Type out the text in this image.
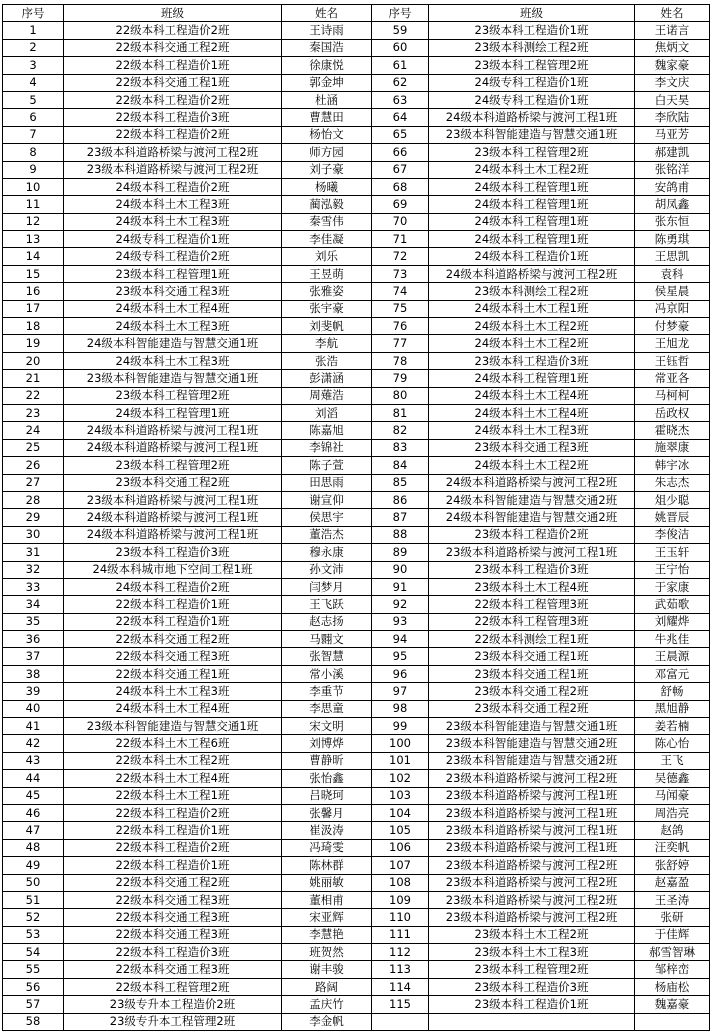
序号	班级	姓名	序号	班级	姓名
1	22级本科工程造价2班	王诗雨	59	23级本科工程造价1班	王诺言
2	22级本科交通工程2班	秦国浩	60	23级本科测绘工程2班	焦炳文
3	22级本科工程造价1班	徐康悦	61	23级本科工程管理2班	魏家豪
4	22级本科交通工程1班	郭金坤	62	24级专科工程造价1班	李文庆
5	22级本科工程造价2班	杜涵	63	24级专科工程造价1班	白天昊
6	22级本科工程造价3班	曹慧田	64	24级本科道路桥梁与渡河工程1班	李欣陆
7	22级本科工程造价2班	杨怡文	65	23级本科智能建造与智慧交通1班	马亚芳
8	23级本科道路桥梁与渡河工程2班	师方园	66	23级本科工程管理2班	郝建凯
9	23级本科道路桥梁与渡河工程2班	刘子豪	67	24级本科土木工程2班	张铭洋
10	24级本科工程造价2班	杨曦	68	24级本科工程管理1班	安鸽甫
11	24级本科土木工程3班	蔺泓毅	69	24级本科工程管理1班	胡凤鑫
12	24级本科土木工程3班	秦雪伟	70	24级本科工程管理1班	张东恒
13	24级专科工程造价1班	李佳凝	71	24级本科工程管理1班	陈勇琪
14	24级专科工程造价2班	刘乐	72	24级本科工程造价1班	王思凯
15	23级本科工程管理1班	王昱萌	73	24级本科道路桥梁与渡河工程2班	袁科
16	23级本科交通工程3班	张雅姿	74	23级本科测绘工程2班	侯星晨
17	24级本科土木工程4班	张宇豪	75	24级本科土木工程1班	冯京阳
18	24级本科土木工程3班	刘斐帆	76	24级本科土木工程2班	付梦豪
19	24级本科智能建造与智慧交通1班	李航	77	24级本科土木工程2班	王旭龙
20	24级本科土木工程3班	张浩	78	23级本科工程造价3班	王钰哲
21	23级本科智能建造与智慧交通1班	彭潇涵	79	24级本科工程管理1班	常亚各
22	23级本科工程管理2班	周薙浩	80	24级本科土木工程4班	马柯柯
23	24级本科工程管理1班	刘滔	81	24级本科土木工程4班	岳政权
24	24级本科道路桥梁与渡河工程1班	陈嘉旭	82	24级本科土木工程3班	霍晓杰
25	24级本科道路桥梁与渡河工程1班	李锦社	83	23级本科交通工程3班	施翠康
26	23级本科工程管理2班	陈子萱	84	24级本科土木工程2班	韩宇冰
27	23级本科交通工程2班	田思雨	85	24级本科道路桥梁与渡河工程2班	朱志杰
28	23级本科道路桥梁与渡河工程1班	谢宣仰	86	24级本科智能建造与智慧交通2班	俎少聪
29	24级本科道路桥梁与渡河工程1班	侯思宇	87	24级本科智能建造与智慧交通2班	姚晋辰
30	24级本科道路桥梁与渡河工程1班	董浩杰	88	23级本科工程造价2班	李俊洁
31	23级本科工程造价3班	穆永康	89	23级本科道路桥梁与渡河工程1班	王玉轩
32	24级本科城市地下空间工程1班	孙文沛	90	23级本科工程造价3班	王宁怡
33	24级本科工程造价2班	闫梦月	91	23级本科土木工程4班	于家康
34	22级本科工程造价1班	王飞跃	92	22级本科工程管理3班	武茹歌
35	22级本科工程造价1班	赵志扬	93	22级本科工程管理3班	刘耀烨
36	22级本科交通工程2班	马翾文	94	22级本科测绘工程1班	牛兆佳
37	22级本科交通工程3班	张智慧	95	23级本科交通工程1班	王晨源
38	22级本科交通工程1班	常小溪	96	23级本科交通工程1班	邓富元
39	24级本科土木工程3班	李重节	97	23级本科交通工程2班	舒畅
40	24级本科土木工程4班	李思童	98	23级本科交通工程2班	黑旭静
41	23级本科智能建造与智慧交通1班	宋文明	99	23级本科智能建造与智慧交通1班	姜若楠
42	22级本科土木工程6班	刘博烨	100	23级本科智能建造与智慧交通2班	陈心怡
43	22级本科土木工程2班	曹静昕	101	23级本科智能建造与智慧交通2班	王飞
44	22级本科土木工程4班	张怡鑫	102	23级本科道路桥梁与渡河工程2班	吴德鑫
45	22级本科土木工程1班	吕晓珂	103	23级本科道路桥梁与渡河工程1班	马闻豪
46	22级本科工程造价2班	张馨月	104	23级本科道路桥梁与渡河工程1班	周浩亮
47	22级本科工程造价1班	崔汲涛	105	23级本科道路桥梁与渡河工程1班	赵鸽
48	22级本科工程造价2班	冯琦雯	106	23级本科道路桥梁与渡河工程1班	汪奕帆
49	22级本科工程造价1班	陈林群	107	23级本科道路桥梁与渡河工程2班	张舒婷
50	22级本科交通工程2班	姚丽敏	108	23级本科道路桥梁与渡河工程2班	赵嘉盈
51	22级本科交通工程3班	董相甫	109	23级本科道路桥梁与渡河工程2班	王圣涛
52	22级本科交通工程3班	宋亚辉	110	23级本科道路桥梁与渡河工程2班	张研
53	22级本科交通工程3班	李慧艳	111	23级本科土木工程2班	于佳辉
54	22级本科工程造价3班	班贺然	112	23级本科土木工程3班	郝雪智琳
55	22级本科交通工程3班	谢丰骏	113	23级本科工程管理2班	邹梓峦
56	22级本科工程管理2班	路阔	114	23级本科工程造价3班	杨庙松
57	23级专升本工程造价2班	孟庆竹	115	23级本科工程造价1班	魏嘉豪
58	23级专升本工程管理2班	李金帆			
